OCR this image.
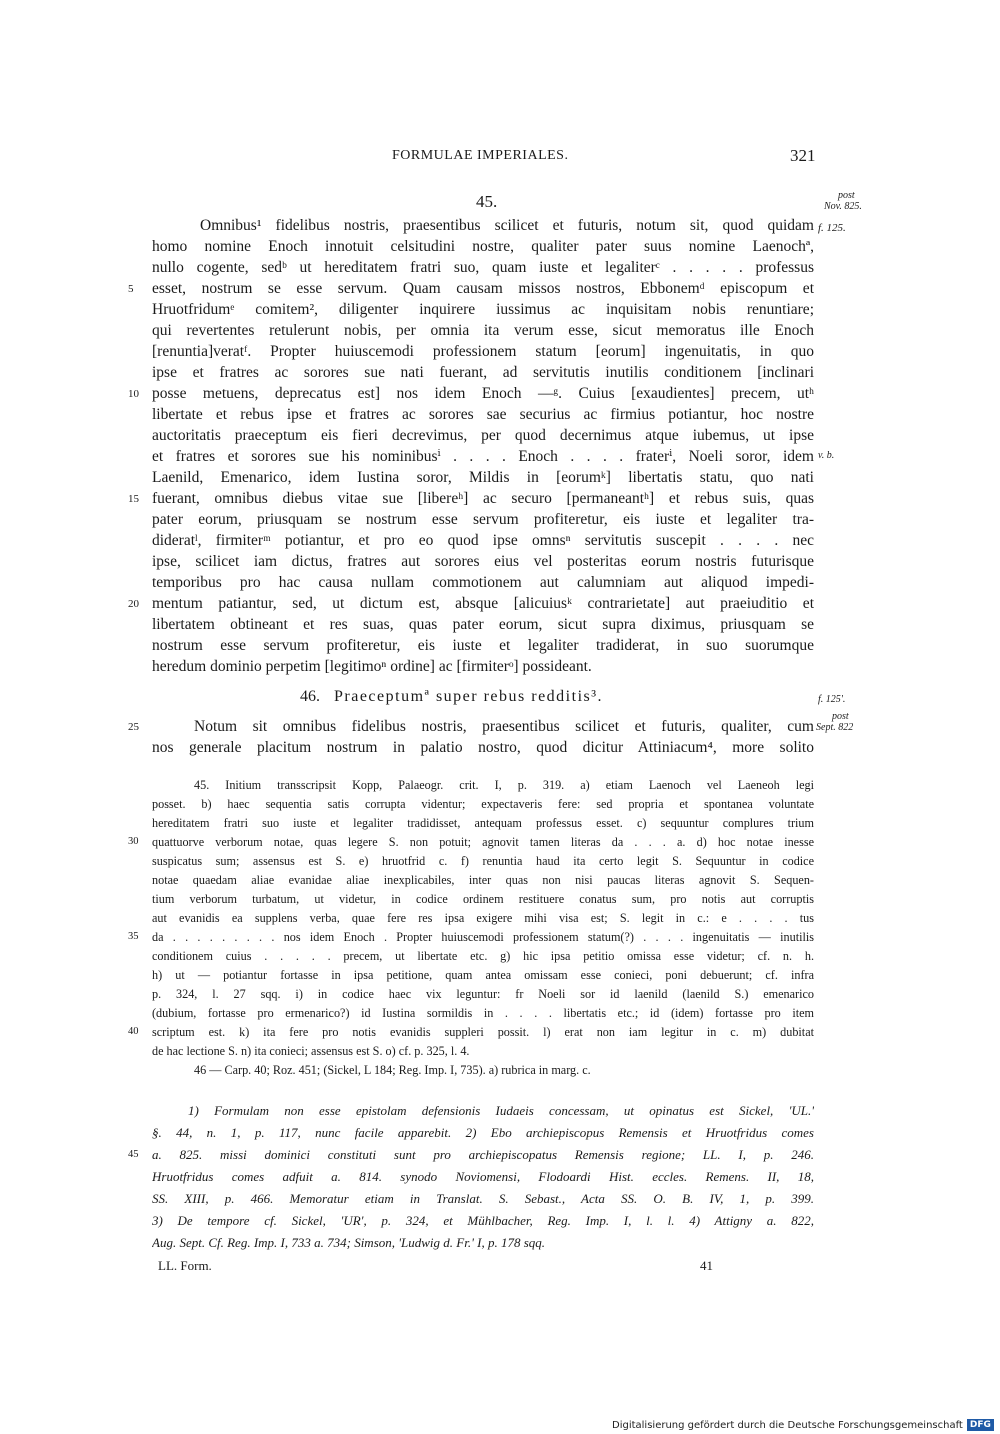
FORMULAE IMPERIALES.	321
45.	post
Nov. 825.
f. 125.
v. b.
Omnibus¹ fidelibus nostris, praesentibus scilicet et futuris, notum sit, quod quidam
homo nomine Enoch innotuit celsitudini nostre, qualiter pater suus nomine Laenochª,
nullo cogente, sedᵇ ut hereditatem fratri suo, quam iuste et legaliterᶜ . . . . . professus
esset, nostrum se esse servum. Quam causam missos nostros, Ebbonemᵈ episcopum et
Hruotfridumᵉ comitem², diligenter inquirere iussimus ac inquisitam nobis renuntiare;
qui revertentes retulerunt nobis, per omnia ita verum esse, sicut memoratus ille Enoch
[renuntia]veratᶠ. Propter huiuscemodi professionem statum [eorum] ingenuitatis, in quo
ipse et fratres ac sorores sue nati fuerant, ad servitutis inutilis conditionem [inclinari
posse metuens, deprecatus est] nos idem Enoch —ᵍ. Cuius [exaudientes] precem, utʰ
libertate et rebus ipse et fratres ac sorores sae securius ac firmius potiantur, hoc nostre
auctoritatis praeceptum eis fieri decrevimus, per quod decernimus atque iubemus, ut ipse
et fratres et sorores sue his nominibusⁱ . . . . Enoch . . . . fraterⁱ, Noeli soror, idem
Laenild, Emenarico, idem Iustina soror, Mildis in [eorumᵏ] libertatis statu, quo nati
fuerant, omnibus diebus vitae sue [libereʰ] ac securo [permaneantʰ] et rebus suis, quas
pater eorum, priusquam se nostrum esse servum profiteretur, eis iuste et legaliter tra-
dideratˡ, firmiterᵐ potiantur, et pro eo quod ipse omnsⁿ servitutis suscepit . . . . nec
ipse, scilicet iam dictus, fratres aut sorores eius vel posteritas eorum nostris futurisque
temporibus pro hac causa nullam commotionem aut calumniam aut aliquod impedi-
mentum patiantur, sed, ut dictum est, absque [alicuiusᵏ contrarietate] aut praeiuditio et
libertatem obtineant et res suas, quas pater eorum, sicut supra diximus, priusquam se
nostrum esse servum profiteretur, eis iuste et legaliter tradiderat, in suo suorumque
heredum dominio perpetim [legitimoⁿ ordine] ac [firmiterᵒ] possideant.
5
10
15
20
25
46. Praeceptumª super rebus redditis³.	f. 125'.
post
Sept. 822
Notum sit omnibus fidelibus nostris, praesentibus scilicet et futuris, qualiter, cum
nos generale placitum nostrum in palatio nostro, quod dicitur Attiniacum⁴, more solito
45. Initium transscripsit Kopp, Palaeogr. crit. I, p. 319. a) etiam Laenoch vel Laeneoh legi
posset. b) haec sequentia satis corrupta videntur; expectaveris fere: sed propria et spontanea voluntate
hereditatem fratri suo iuste et legaliter tradidisset, antequam professus esset. c) sequuntur complures trium
quattuorve verborum notae, quas legere S. non potuit; agnovit tamen literas da . . . a. d) hoc notae inesse
suspicatus sum; assensus est S. e) hruotfrid c. f) renuntia haud ita certo legit S. Sequuntur in codice
notae quaedam aliae evanidae aliae inexplicabiles, inter quas non nisi paucas literas agnovit S. Sequen-
tium verborum turbatum, ut videtur, in codice ordinem restituere conatus sum, pro notis aut corruptis
aut evanidis ea supplens verba, quae fere res ipsa exigere mihi visa est; S. legit in c.: e . . . . tus
da . . . . . . . . . nos idem Enoch . Propter huiuscemodi professionem statum(?) . . . . ingenuitatis — inutilis
conditionem cuius . . . . . precem, ut libertate etc. g) hic ipsa petitio omissa esse videtur; cf. n. h.
h) ut — potiantur fortasse in ipsa petitione, quam antea omissam esse conieci, poni debuerunt; cf. infra
p. 324, l. 27 sqq. i) in codice haec vix leguntur: fr Noeli sor id laenild (laenild S.) emenarico
(dubium, fortasse pro ermenarico?) id Iustina sormildis in . . . . libertatis etc.; id (idem) fortasse pro item
scriptum est. k) ita fere pro notis evanidis suppleri possit. l) erat non iam legitur in c. m) dubitat
de hac lectione S. n) ita conieci; assensus est S. o) cf. p. 325, l. 4.
46 — Carp. 40; Roz. 451; (Sickel, L 184; Reg. Imp. I, 735). a) rubrica in marg. c.
30
35
40
1) Formulam non esse epistolam defensionis Iudaeis concessam, ut opinatus est Sickel, 'UL.'
§. 44, n. 1, p. 117, nunc facile apparebit. 2) Ebo archiepiscopus Remensis et Hruotfridus comes
a. 825. missi dominici constituti sunt pro archiepiscopatus Remensis regione; LL. I, p. 246.
Hruotfridus comes adfuit a. 814. synodo Noviomensi, Flodoardi Hist. eccles. Remens. II, 18,
SS. XIII, p. 466. Memoratur etiam in Translat. S. Sebast., Acta SS. O. B. IV, 1, p. 399.
3) De tempore cf. Sickel, 'UR', p. 324, et Mühlbacher, Reg. Imp. I, l. l. 4) Attigny a. 822,
Aug. Sept. Cf. Reg. Imp. I, 733 a. 734; Simson, 'Ludwig d. Fr.' I, p. 178 sqq.
45
LL. Form.	41
Digitalisierung gefördert durch die Deutsche Forschungsgemeinschaft DFG
